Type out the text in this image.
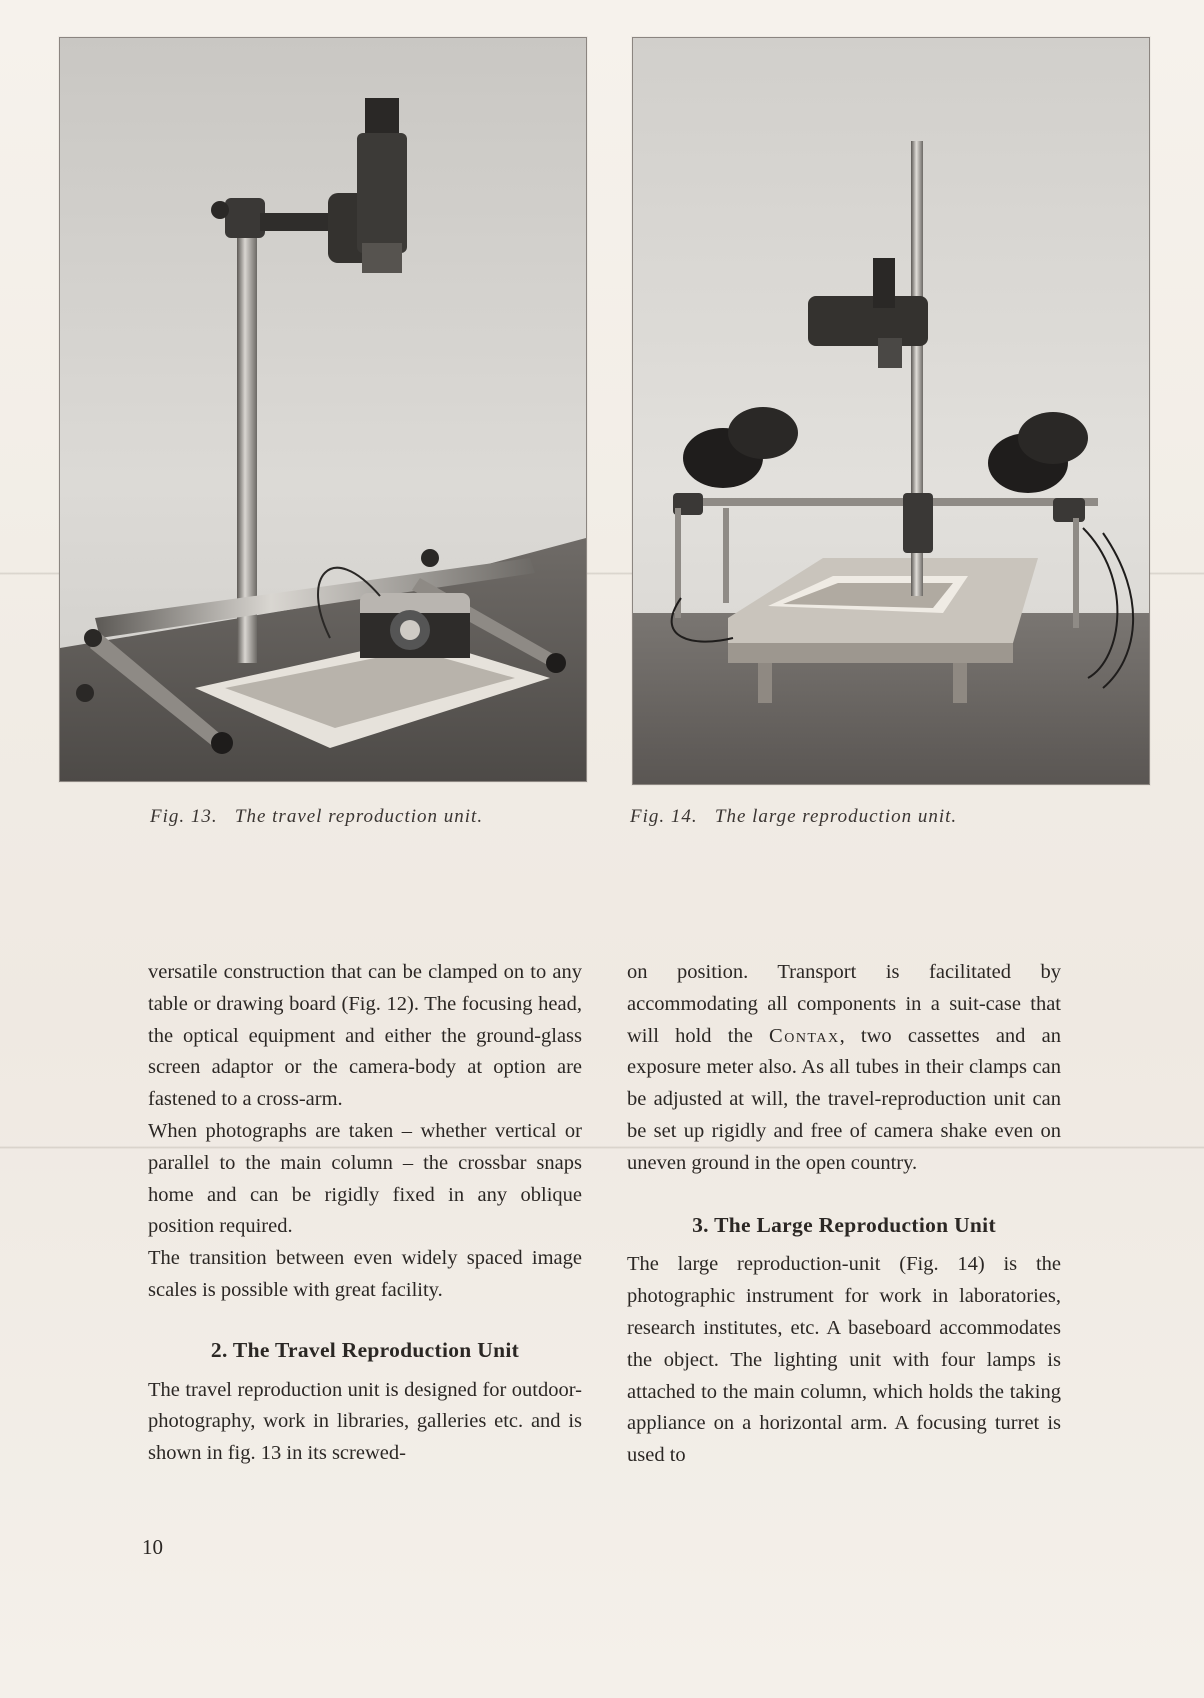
Fig. 13. The travel reproduction unit.	Fig. 14. The large reproduction unit.

versatile construction that can be clamped on to any table or drawing board (Fig. 12). The focusing head, the optical equipment and either the ground-glass screen adaptor or the camera-body at option are fastened to a cross-arm.

When photographs are taken – whether vertical or parallel to the main column – the crossbar snaps home and can be rigidly fixed in any oblique position required.

The transition between even widely spaced image scales is possible with great facility.

2. The Travel Reproduction Unit

The travel reproduction unit is designed for outdoor-photography, work in libraries, galleries etc. and is shown in fig. 13 in its screwed-

on position. Transport is facilitated by accommodating all components in a suit-case that will hold the Contax, two cassettes and an exposure meter also. As all tubes in their clamps can be adjusted at will, the travel-reproduction unit can be set up rigidly and free of camera shake even on uneven ground in the open country.

3. The Large Reproduction Unit

The large reproduction-unit (Fig. 14) is the photographic instrument for work in laboratories, research institutes, etc. A baseboard accommodates the object. The lighting unit with four lamps is attached to the main column, which holds the taking appliance on a horizontal arm. A focusing turret is used to

10
